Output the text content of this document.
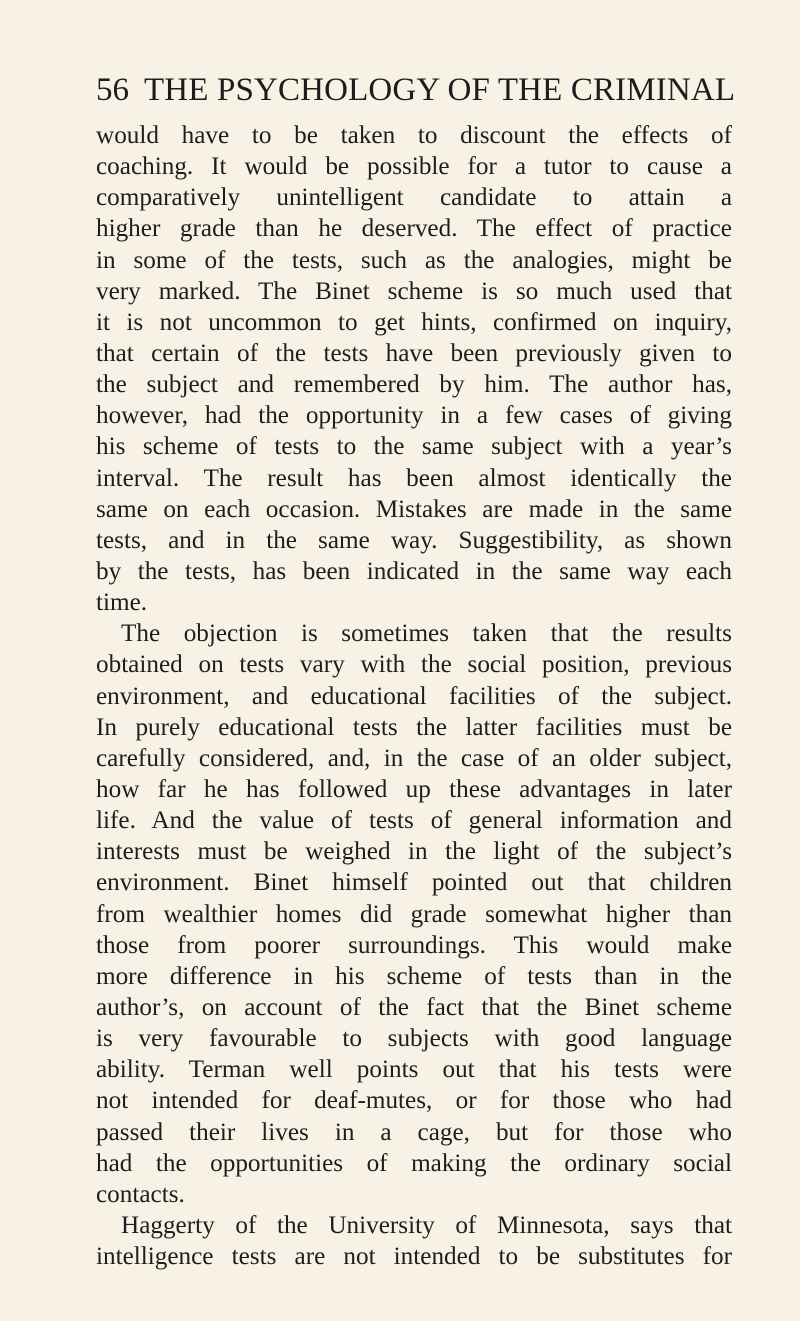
56 THE PSYCHOLOGY OF THE CRIMINAL
would have to be taken to discount the effects of
coaching. It would be possible for a tutor to cause a
comparatively unintelligent candidate to attain a
higher grade than he deserved. The effect of practice
in some of the tests, such as the analogies, might be
very marked. The Binet scheme is so much used that
it is not uncommon to get hints, confirmed on inquiry,
that certain of the tests have been previously given to
the subject and remembered by him. The author has,
however, had the opportunity in a few cases of giving
his scheme of tests to the same subject with a year’s
interval. The result has been almost identically the
same on each occasion. Mistakes are made in the same
tests, and in the same way. Suggestibility, as shown
by the tests, has been indicated in the same way each
time.
The objection is sometimes taken that the results
obtained on tests vary with the social position, previous
environment, and educational facilities of the subject.
In purely educational tests the latter facilities must be
carefully considered, and, in the case of an older subject,
how far he has followed up these advantages in later
life. And the value of tests of general information and
interests must be weighed in the light of the subject’s
environment. Binet himself pointed out that children
from wealthier homes did grade somewhat higher than
those from poorer surroundings. This would make
more difference in his scheme of tests than in the
author’s, on account of the fact that the Binet scheme
is very favourable to subjects with good language
ability. Terman well points out that his tests were
not intended for deaf-mutes, or for those who had
passed their lives in a cage, but for those who
had the opportunities of making the ordinary social
contacts.
Haggerty of the University of Minnesota, says that
intelligence tests are not intended to be substitutes for
